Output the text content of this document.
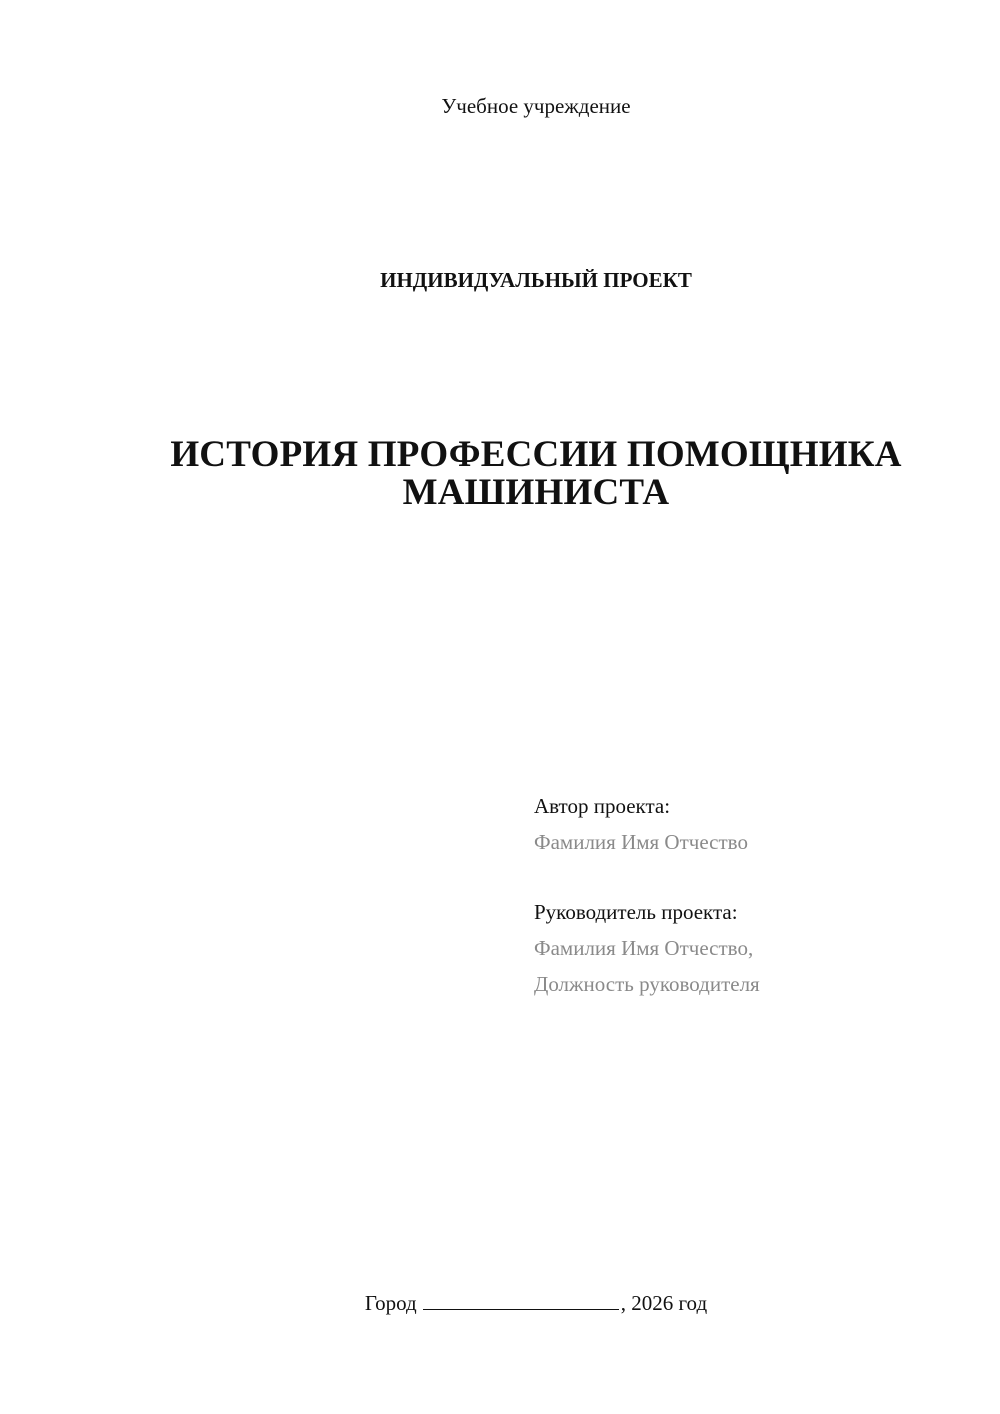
Учебное учреждение
ИНДИВИДУАЛЬНЫЙ ПРОЕКТ
ИСТОРИЯ ПРОФЕССИИ ПОМОЩНИКА
МАШИНИСТА
Автор проекта:
Фамилия Имя Отчество
Руководитель проекта:
Фамилия Имя Отчество,
Должность руководителя
Город	, 2026 год
